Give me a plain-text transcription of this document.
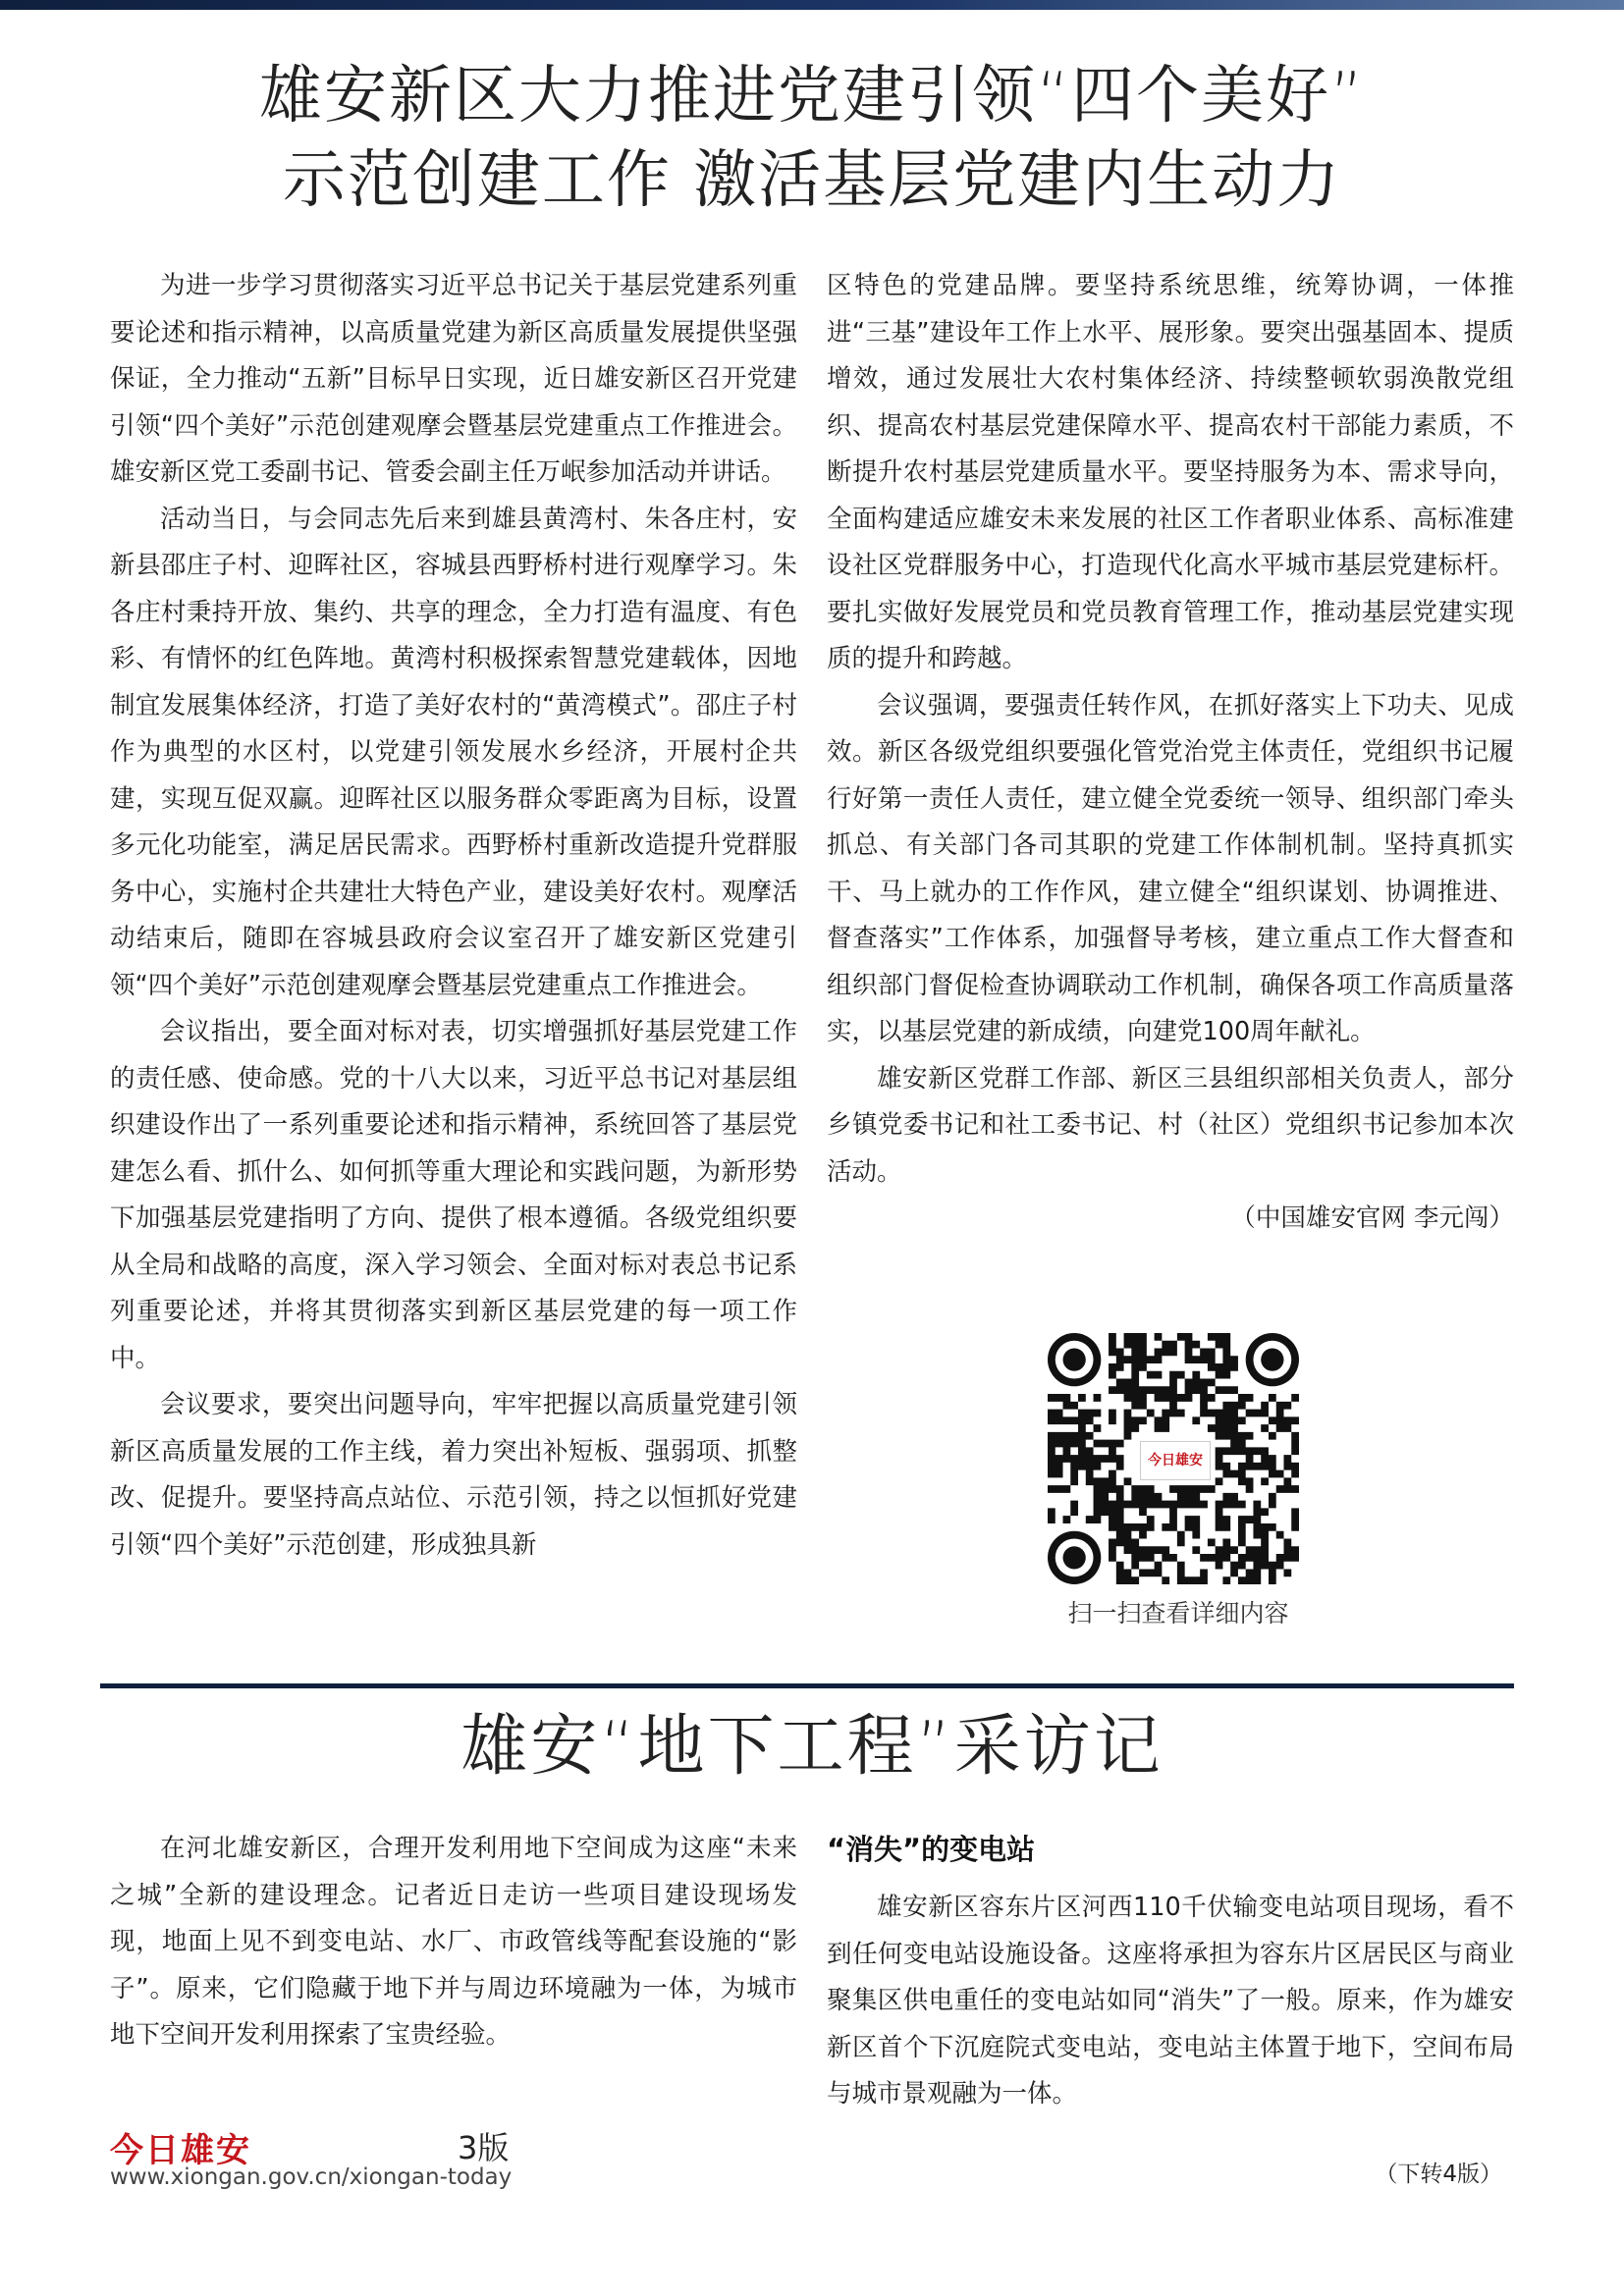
雄安新区大力推进党建引领“四个美好”
示范创建工作 激活基层党建内生动力

为进一步学习贯彻落实习近平总书记关于基层党建系列重要论述和指示精神，以高质量党建为新区高质量发展提供坚强保证，全力推动“五新”目标早日实现，近日雄安新区召开党建引领“四个美好”示范创建观摩会暨基层党建重点工作推进会。雄安新区党工委副书记、管委会副主任万岷参加活动并讲话。

活动当日，与会同志先后来到雄县黄湾村、朱各庄村，安新县邵庄子村、迎晖社区，容城县西野桥村进行观摩学习。朱各庄村秉持开放、集约、共享的理念，全力打造有温度、有色彩、有情怀的红色阵地。黄湾村积极探索智慧党建载体，因地制宜发展集体经济，打造了美好农村的“黄湾模式”。邵庄子村作为典型的水区村，以党建引领发展水乡经济，开展村企共建，实现互促双赢。迎晖社区以服务群众零距离为目标，设置多元化功能室，满足居民需求。西野桥村重新改造提升党群服务中心，实施村企共建壮大特色产业，建设美好农村。观摩活动结束后，随即在容城县政府会议室召开了雄安新区党建引领“四个美好”示范创建观摩会暨基层党建重点工作推进会。

会议指出，要全面对标对表，切实增强抓好基层党建工作的责任感、使命感。党的十八大以来，习近平总书记对基层组织建设作出了一系列重要论述和指示精神，系统回答了基层党建怎么看、抓什么、如何抓等重大理论和实践问题，为新形势下加强基层党建指明了方向、提供了根本遵循。各级党组织要从全局和战略的高度，深入学习领会、全面对标对表总书记系列重要论述，并将其贯彻落实到新区基层党建的每一项工作中。

会议要求，要突出问题导向，牢牢把握以高质量党建引领新区高质量发展的工作主线，着力突出补短板、强弱项、抓整改、促提升。要坚持高点站位、示范引领，持之以恒抓好党建引领“四个美好”示范创建，形成独具新

区特色的党建品牌。要坚持系统思维，统筹协调，一体推进“三基”建设年工作上水平、展形象。要突出强基固本、提质增效，通过发展壮大农村集体经济、持续整顿软弱涣散党组织、提高农村基层党建保障水平、提高农村干部能力素质，不断提升农村基层党建质量水平。要坚持服务为本、需求导向，全面构建适应雄安未来发展的社区工作者职业体系、高标准建设社区党群服务中心，打造现代化高水平城市基层党建标杆。要扎实做好发展党员和党员教育管理工作，推动基层党建实现质的提升和跨越。

会议强调，要强责任转作风，在抓好落实上下功夫、见成效。新区各级党组织要强化管党治党主体责任，党组织书记履行好第一责任人责任，建立健全党委统一领导、组织部门牵头抓总、有关部门各司其职的党建工作体制机制。坚持真抓实干、马上就办的工作作风，建立健全“组织谋划、协调推进、督查落实”工作体系，加强督导考核，建立重点工作大督查和组织部门督促检查协调联动工作机制，确保各项工作高质量落实，以基层党建的新成绩，向建党100周年献礼。

雄安新区党群工作部、新区三县组织部相关负责人，部分乡镇党委书记和社工委书记、村（社区）党组织书记参加本次活动。

（中国雄安官网 李元闯）
今日雄安
扫一扫查看详细内容
雄安“地下工程”采访记

在河北雄安新区，合理开发利用地下空间成为这座“未来之城”全新的建设理念。记者近日走访一些项目建设现场发现，地面上见不到变电站、水厂、市政管线等配套设施的“影子”。原来，它们隐藏于地下并与周边环境融为一体，为城市地下空间开发利用探索了宝贵经验。

“消失”的变电站

雄安新区容东片区河西110千伏输变电站项目现场，看不到任何变电站设施设备。这座将承担为容东片区居民区与商业聚集区供电重任的变电站如同“消失”了一般。原来，作为雄安新区首个下沉庭院式变电站，变电站主体置于地下，空间布局与城市景观融为一体。

今日雄安	3版
www.xiongan.gov.cn/xiongan-today	（下转4版）
